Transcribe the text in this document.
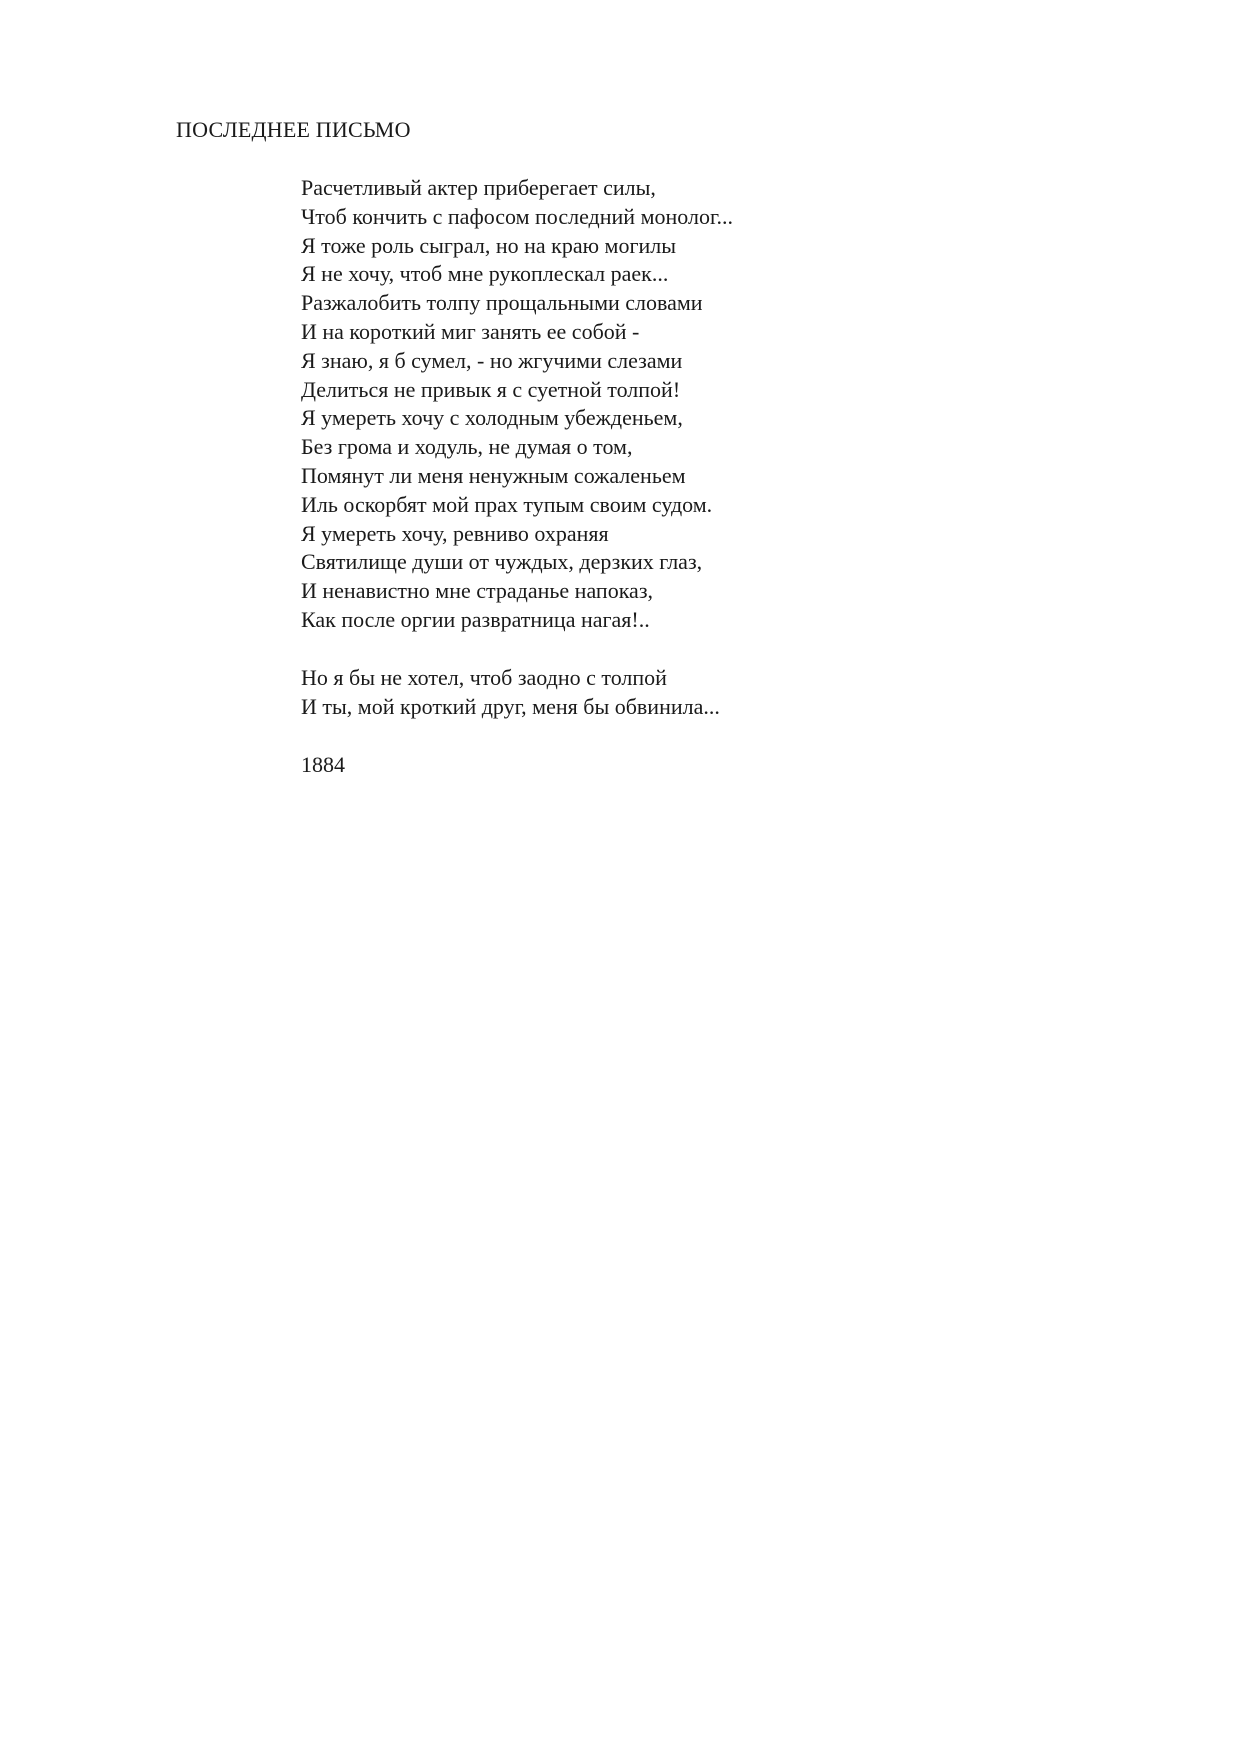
ПОСЛЕДНЕЕ ПИСЬМО
Расчетливый актер приберегает силы,
Чтоб кончить с пафосом последний монолог...
Я тоже роль сыграл, но на краю могилы
Я не хочу, чтоб мне рукоплескал раек...
Разжалобить толпу прощальными словами
И на короткий миг занять ее собой -
Я знаю, я б сумел, - но жгучими слезами
Делиться не привык я с суетной толпой!
Я умереть хочу с холодным убежденьем,
Без грома и ходуль, не думая о том,
Помянут ли меня ненужным сожаленьем
Иль оскорбят мой прах тупым своим судом.
Я умереть хочу, ревниво охраняя
Святилище души от чуждых, дерзких глаз,
И ненавистно мне страданье напоказ,
Как после оргии развратница нагая!..
Но я бы не хотел, чтоб заодно с толпой
И ты, мой кроткий друг, меня бы обвинила...
1884
